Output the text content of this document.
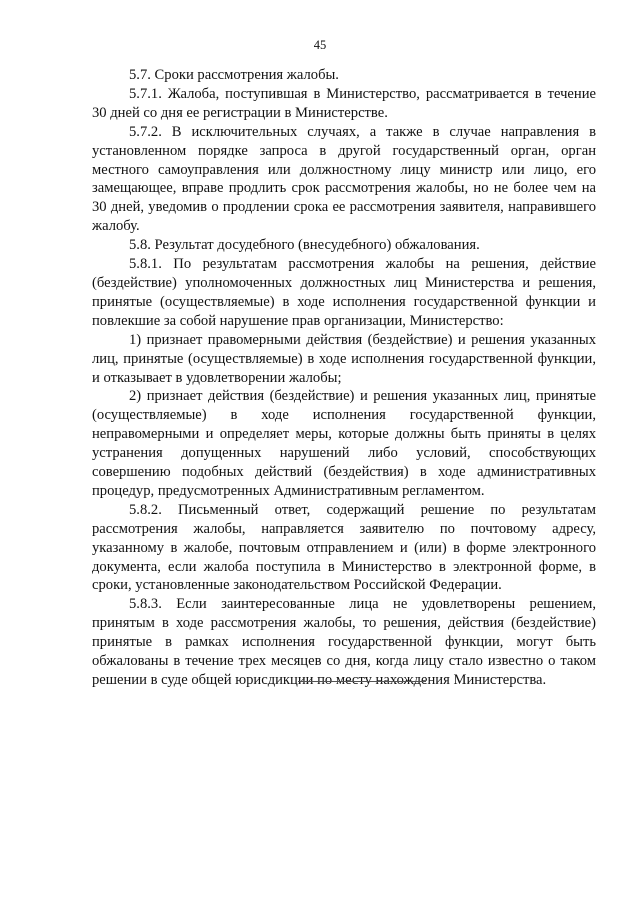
45

5.7. Сроки рассмотрения жалобы.

5.7.1. Жалоба, поступившая в Министерство, рассматривается в течение 30 дней со дня ее регистрации в Министерстве.

5.7.2. В исключительных случаях, а также в случае направления в установленном порядке запроса в другой государственный орган, орган местного самоуправления или должностному лицу министр или лицо, его замещающее, вправе продлить срок рассмотрения жалобы, но не более чем на 30 дней, уведомив о продлении срока ее рассмотрения заявителя, направившего жалобу.

5.8. Результат досудебного (внесудебного) обжалования.

5.8.1. По результатам рассмотрения жалобы на решения, действие (бездействие) уполномоченных должностных лиц Министерства и решения, принятые (осуществляемые) в ходе исполнения государственной функции и повлекшие за собой нарушение прав организации, Министерство:

1) признает правомерными действия (бездействие) и решения указанных лиц, принятые (осуществляемые) в ходе исполнения государственной функции, и отказывает в удовлетворении жалобы;

2) признает действия (бездействие) и решения указанных лиц, принятые (осуществляемые) в ходе исполнения государственной функции, неправомерными и определяет меры, которые должны быть приняты в целях устранения допущенных нарушений либо условий, способствующих совершению подобных действий (бездействия) в ходе административных процедур, предусмотренных Административным регламентом.

5.8.2. Письменный ответ, содержащий решение по результатам рассмотрения жалобы, направляется заявителю по почтовому адресу, указанному в жалобе, почтовым отправлением и (или) в форме электронного документа, если жалоба поступила в Министерство в электронной форме, в сроки, установленные законодательством Российской Федерации.

5.8.3. Если заинтересованные лица не удовлетворены решением, принятым в ходе рассмотрения жалобы, то решения, действия (бездействие) принятые в рамках исполнения государственной функции, могут быть обжалованы в течение трех месяцев со дня, когда лицу стало известно о таком решении в суде общей юрисдикции по месту нахождения Министерства.
